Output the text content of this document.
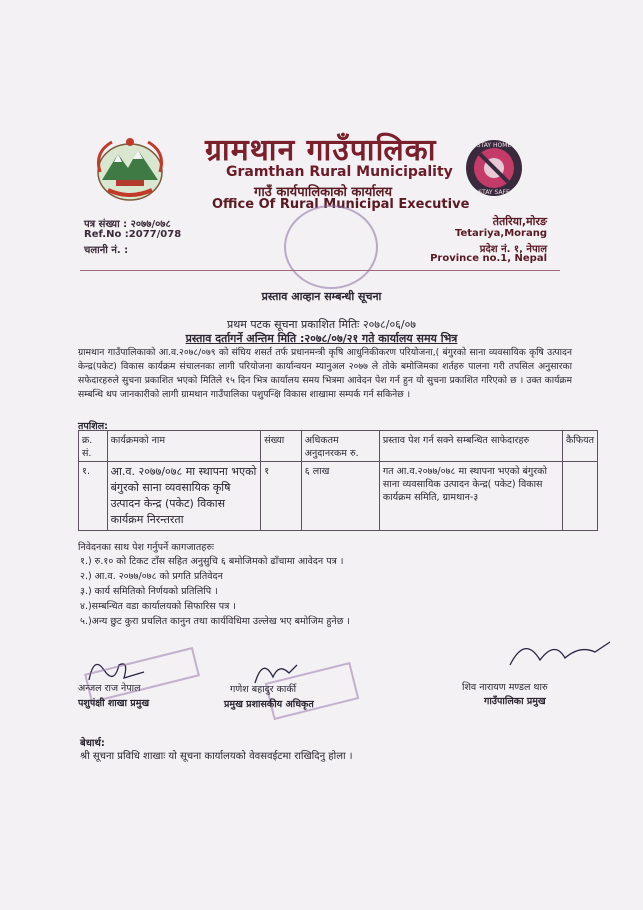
STAY HOME
STAY SAFE
ग्रामथान गाउँपालिका
Gramthan Rural Municipality
गाउँ कार्यपालिकाको कार्यालय
Office Of Rural Municipal Executive
पत्र संख्या : २०७७/०७८
Ref.No :2077/078
चलानी नं. :
तेतरिया,मोरङ
Tetariya,Morang
प्रदेश नं. १, नेपाल
Province no.1, Nepal
प्रस्ताव आव्हान सम्बन्धी सूचना
प्रथम पटक सूचना प्रकाशित मितिः २०७८/०६/०७
प्रस्ताव दर्तागर्ने अन्तिम मिति :२०७८/०७/२१ गते कार्यालय समय भित्र
ग्रामथान गाउँपालिकाको आ.व.२०७८/०७९ को संघिय शसर्त तर्फ प्रधानमन्त्री कृषि आधुनिकीकरण परियोजना,( बंगुरको साना व्यवसायिक कृषि उत्पादन केन्द्र(पकेट) विकास कार्यक्रम संचालनका लागी परियोजना कार्यान्वयन म्यानुअल २०७७ ले तोके बमोजिमका शर्तहरु पालना गरी तपसिल अनुसारका सफेदारहरुले सुचना प्रकाशित भएको मितिले १५ दिन भित्र कार्यालय समय भित्रमा आवेदन पेश गर्न हुन यो सुचना प्रकाशित गरिएको छ । उक्त कार्यक्रम सम्बन्धि थप जानकारीको लागी ग्रामथान गाउँपालिका पशुपन्क्षि विकास शाखामा सम्पर्क गर्न सकिनेछ ।
तपशिल:
क्र. सं.	कार्यक्रमको नाम	संख्या	अधिकतम अनुदानरकम रु.	प्रस्ताव पेश गर्न सक्ने सम्बन्धित साफेदारहरु	कैफियत
१.	आ.व. २०७७/०७८ मा स्थापना भएको बंगुरको साना व्यवसायिक कृषि उत्पादन केन्द्र (पकेट) विकास कार्यक्रम निरन्तरता	१	६ लाख	गत आ.व.२०७७/०७८ मा स्थापना भएको बंगुरको साना व्यवसायिक उत्पादन केन्द्र( पकेट) विकास कार्यक्रम समिति, ग्रामथान-३	
निवेदनका साथ पेश गर्नुपर्ने कागजातहरुः
१.) रु.१० को टिकट टाँस सहित अनुसुचि ६ बमोजिमको ढाँचामा आवेदन पत्र ।
२.) आ.व. २०७७/०७८ को प्रगति प्रतिवेदन
३.) कार्य समितिको निर्णयको प्रतिलिपि ।
४.)सम्बन्धित वडा कार्यालयको सिफारिस पत्र ।
५.)अन्य छुट कुरा प्रचलित कानुन तथा कार्यविधिमा उल्लेख भए बमोजिम हुनेछ ।
अन्जल राज नेपाल
पशुपंक्षी शाखा प्रमुख
गणेश बहादुर कार्की
प्रमुख प्रशासकीय अधिकृत
शिव नारायण मण्डल थारु
गाउँपालिका प्रमुख
बेधार्थ:
श्री सूचना प्रविधि शाखाः यो सूचना कार्यालयको वेवसवईटमा राखिदिनु होला ।
